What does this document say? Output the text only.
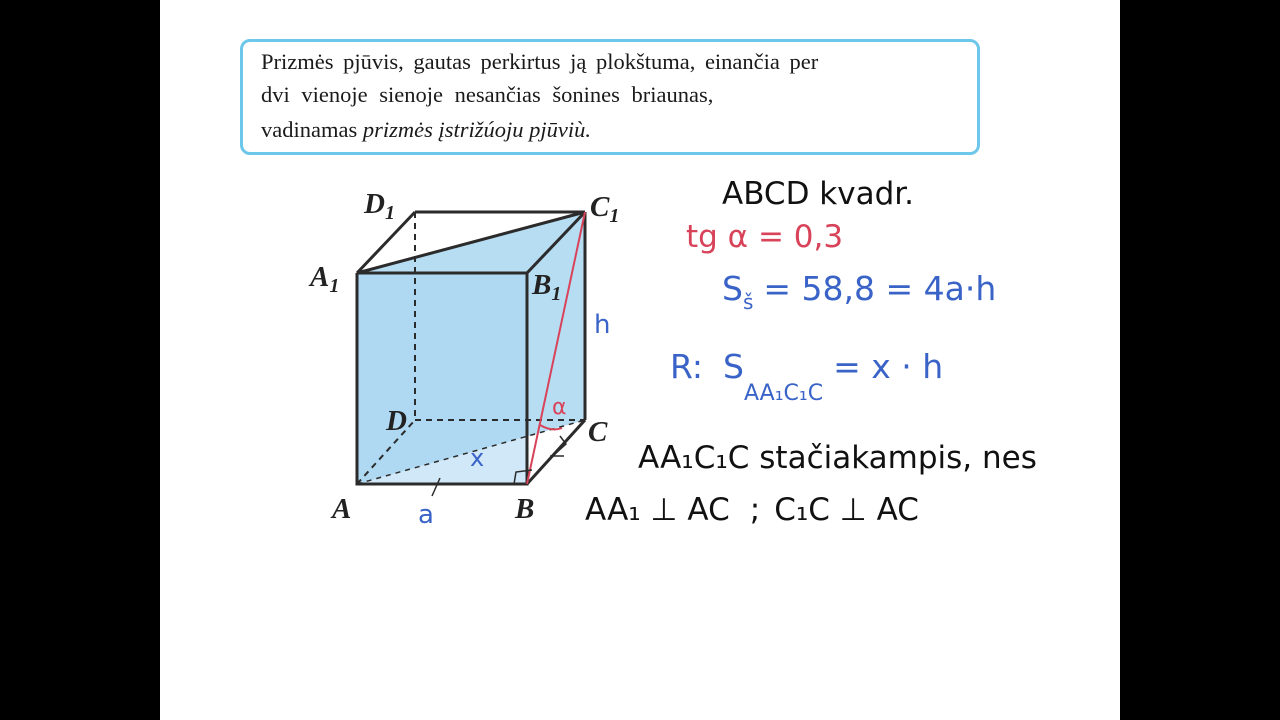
Prizmės pjūvis, gautas perkirtus ją plokštuma, einančia per
dvi vienoje sienoje nesančias šonines briaunas,
vadinamas prizmės įstrižúoju pjūviù.
α
$D_1$	$C_1$
$A_1$	$B_1$
D	C
A	B
a
x
h
ABCD kvadr.
tg α = 0,3
$S_š = 58,8 = 4a\cdot h$
R: $S_{AA_1C_1C}= x \cdot h$
AA₁C₁C stačiakampis, nes
AA₁ ⊥ AC ; C₁C ⊥ AC
